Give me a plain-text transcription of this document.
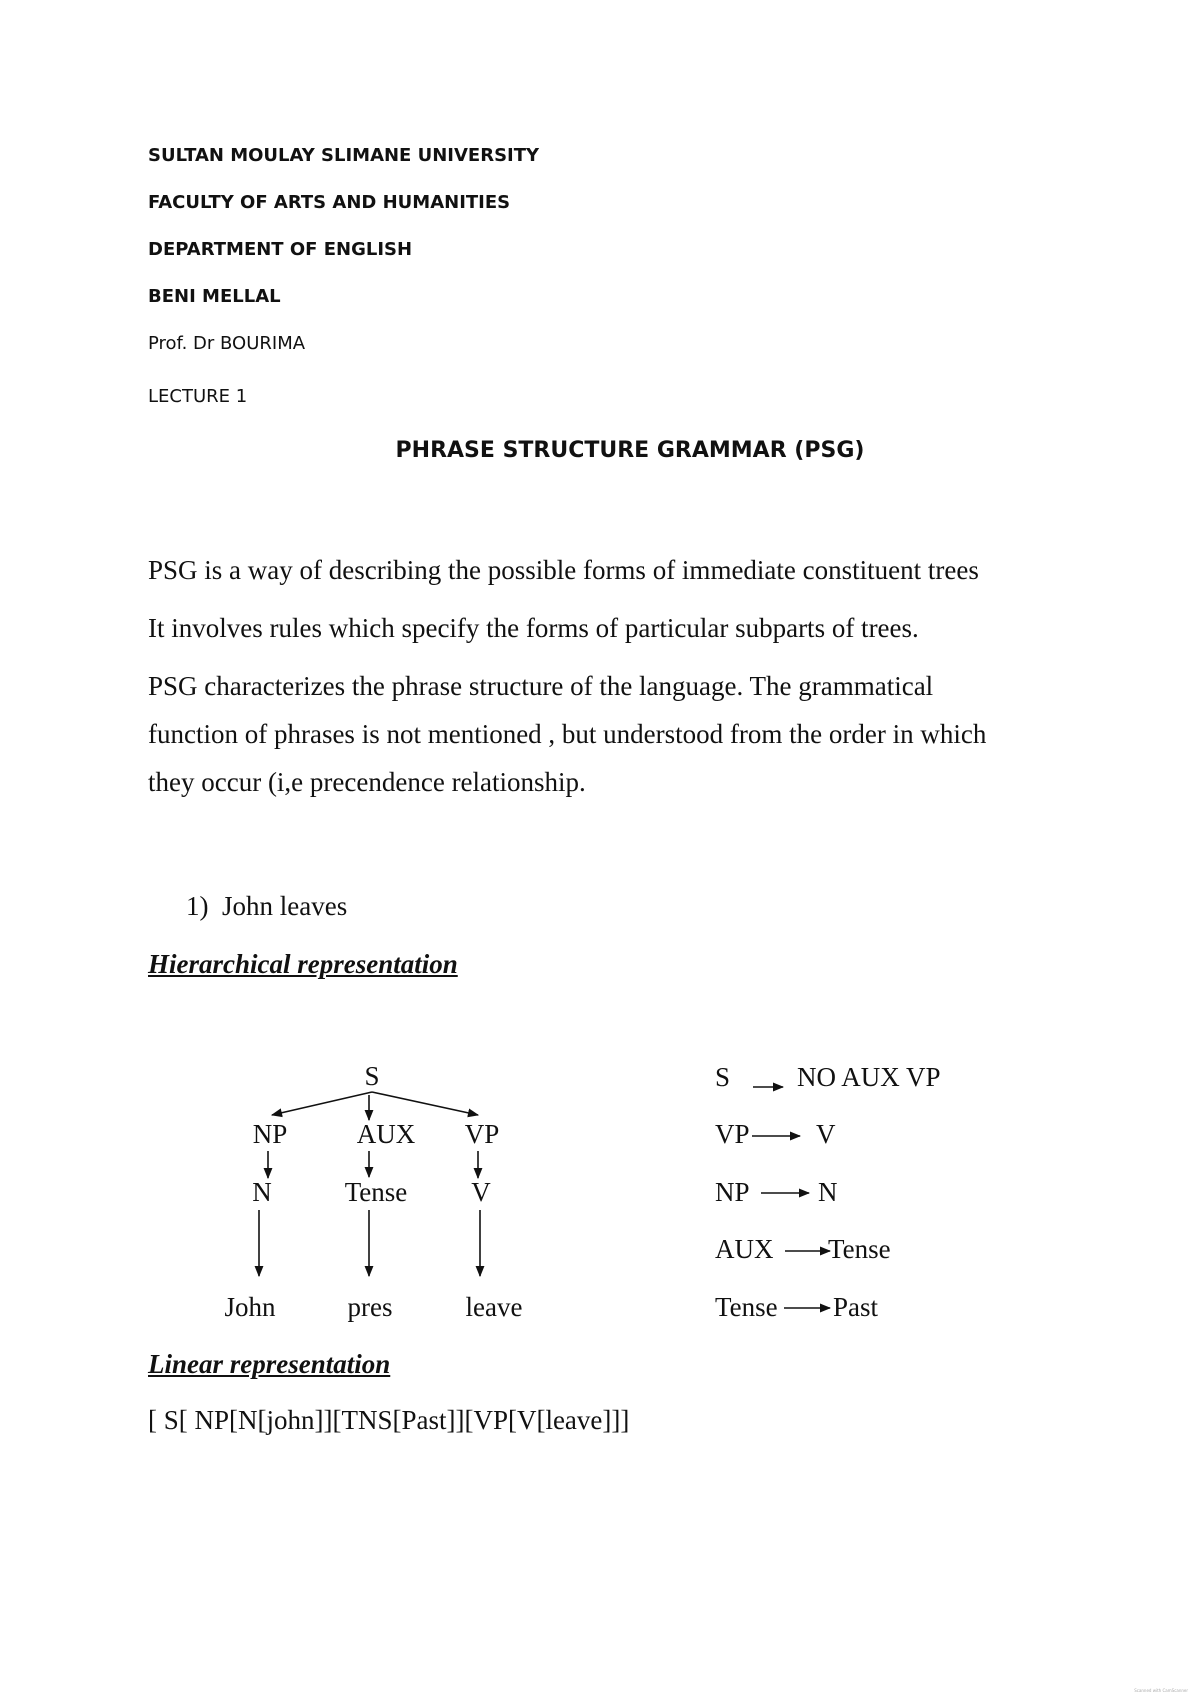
SULTAN MOULAY SLIMANE UNIVERSITY
FACULTY OF ARTS AND HUMANITIES
DEPARTMENT OF ENGLISH
BENI MELLAL
Prof. Dr BOURIMA
LECTURE 1
PHRASE STRUCTURE GRAMMAR (PSG)
PSG is a way of describing the possible forms of immediate constituent trees
It involves rules which specify the forms of particular subparts of trees.
PSG characterizes the phrase structure of the language. The grammatical
function of phrases is not mentioned , but understood from the order in which
they occur (i,e precendence relationship.
1) John leaves
Hierarchical representation
S
NP	AUX VP
N	Tense V
John	pres	leave
S NO AUX VP
VP V
NP	N
AUX Tense
Tense Past
Linear representation
[ S[ NP[N[john]][TNS[Past]][VP[V[leave]]]
Scanned with CamScanner
